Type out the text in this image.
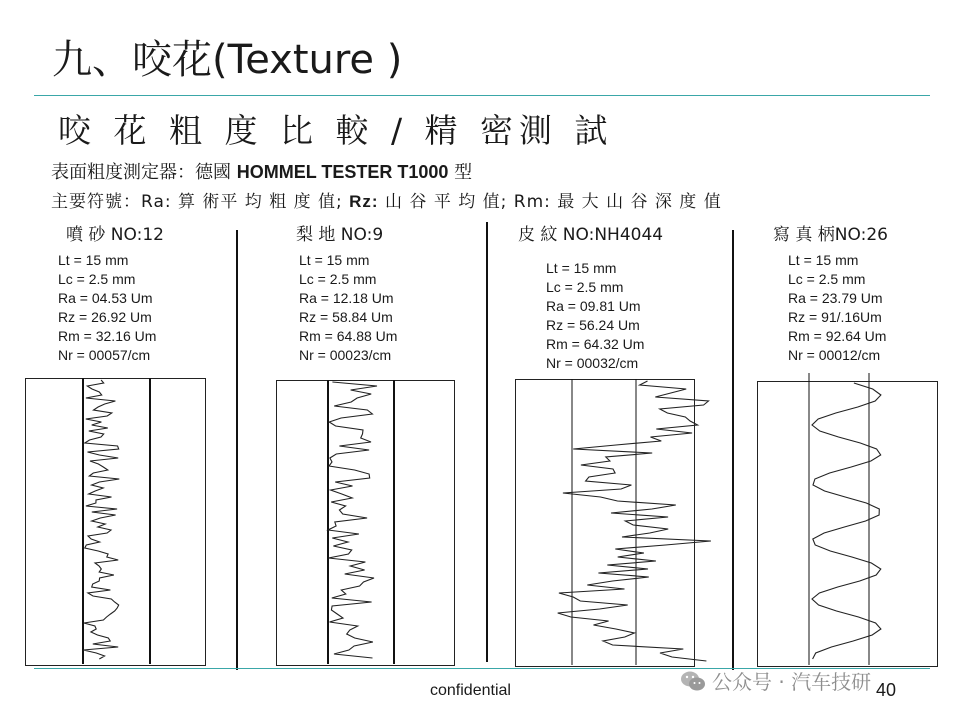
九、咬花(Texture )
咬 花 粗 度 比 較 / 精 密測 試
表面粗度測定器：德國 HOMMEL TESTER T1000 型
主要符號：Ra: 算 術平 均 粗 度 值; Rz: 山 谷 平 均 值; Rm: 最 大 山 谷 深 度 值
噴 砂 NO:12
Lt = 15 mm
Lc = 2.5 mm
Ra = 04.53 Um
Rz = 26.92 Um
Rm = 32.16 Um
Nr = 00057/cm
梨 地 NO:9
Lt = 15 mm
Lc = 2.5 mm
Ra = 12.18 Um
Rz = 58.84 Um
Rm = 64.88 Um
Nr = 00023/cm
皮 紋 NO:NH4044
Lt = 15 mm
Lc = 2.5 mm
Ra = 09.81 Um
Rz = 56.24 Um
Rm = 64.32 Um
Nr = 00032/cm
寫 真 柄NO:26
Lt = 15 mm
Lc = 2.5 mm
Ra = 23.79 Um
Rz = 91/.16Um
Rm = 92.64 Um
Nr = 00012/cm
confidential	公众号 · 汽车技研 40
